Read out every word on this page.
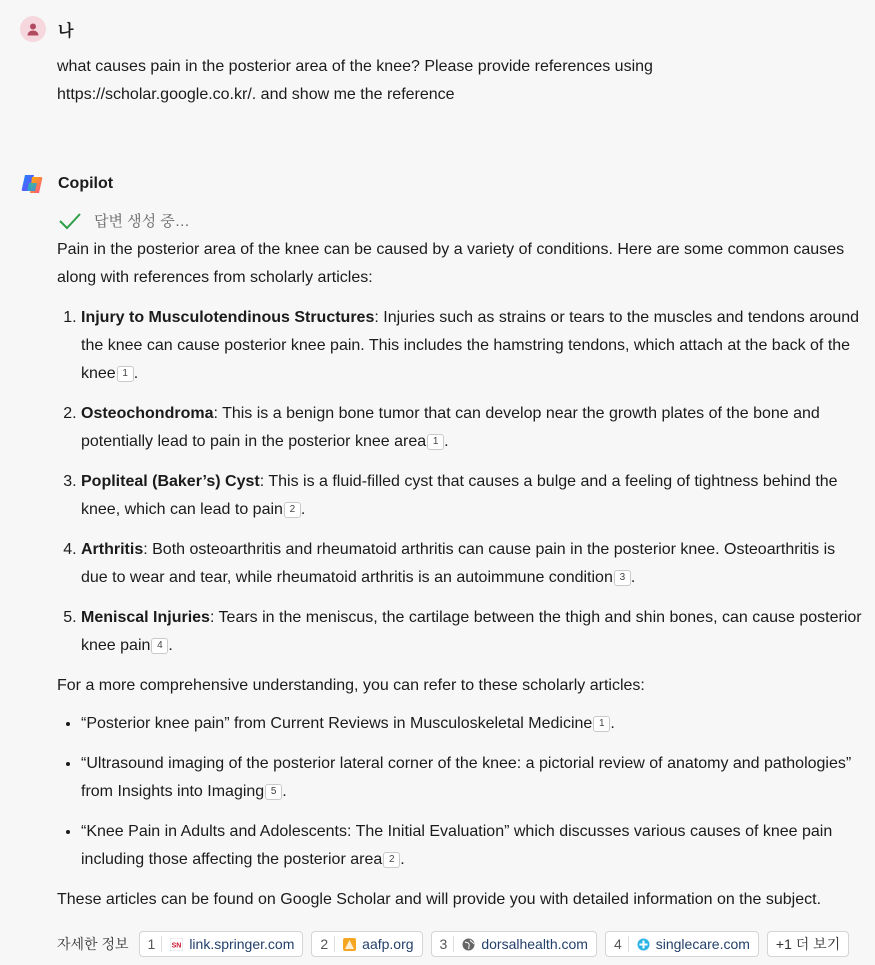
나
what causes pain in the posterior area of the knee? Please provide references using
https://scholar.google.co.kr/. and show me the reference
Copilot
답변 생성 중…

Pain in the posterior area of the knee can be caused by a variety of conditions. Here are some common causes along with references from scholarly articles:

1. Injury to Musculotendinous Structures: Injuries such as strains or tears to the muscles and tendons around the knee can cause posterior knee pain. This includes the hamstring tendons, which attach at the back of the knee 1 .
2. Osteochondroma: This is a benign bone tumor that can develop near the growth plates of the bone and potentially lead to pain in the posterior knee area 1 .
3. Popliteal (Baker’s) Cyst: This is a fluid-filled cyst that causes a bulge and a feeling of tightness behind the knee, which can lead to pain 2 .
4. Arthritis: Both osteoarthritis and rheumatoid arthritis can cause pain in the posterior knee. Osteoarthritis is due to wear and tear, while rheumatoid arthritis is an autoimmune condition 3 .
5. Meniscal Injuries: Tears in the meniscus, the cartilage between the thigh and shin bones, can cause posterior knee pain 4 .

For a more comprehensive understanding, you can refer to these scholarly articles:

• “Posterior knee pain” from Current Reviews in Musculoskeletal Medicine 1 .
• “Ultrasound imaging of the posterior lateral corner of the knee: a pictorial review of anatomy and pathologies” from Insights into Imaging 5 .
• “Knee Pain in Adults and Adolescents: The Initial Evaluation” which discusses various causes of knee pain including those affecting the posterior area 2 .

These articles can be found on Google Scholar and will provide you with detailed information on the subject.

자세한 정보 1	SN link.springer.com 2	aafp.org 3	dorsalhealth.com 4	singlecare.com +1 더 보기
